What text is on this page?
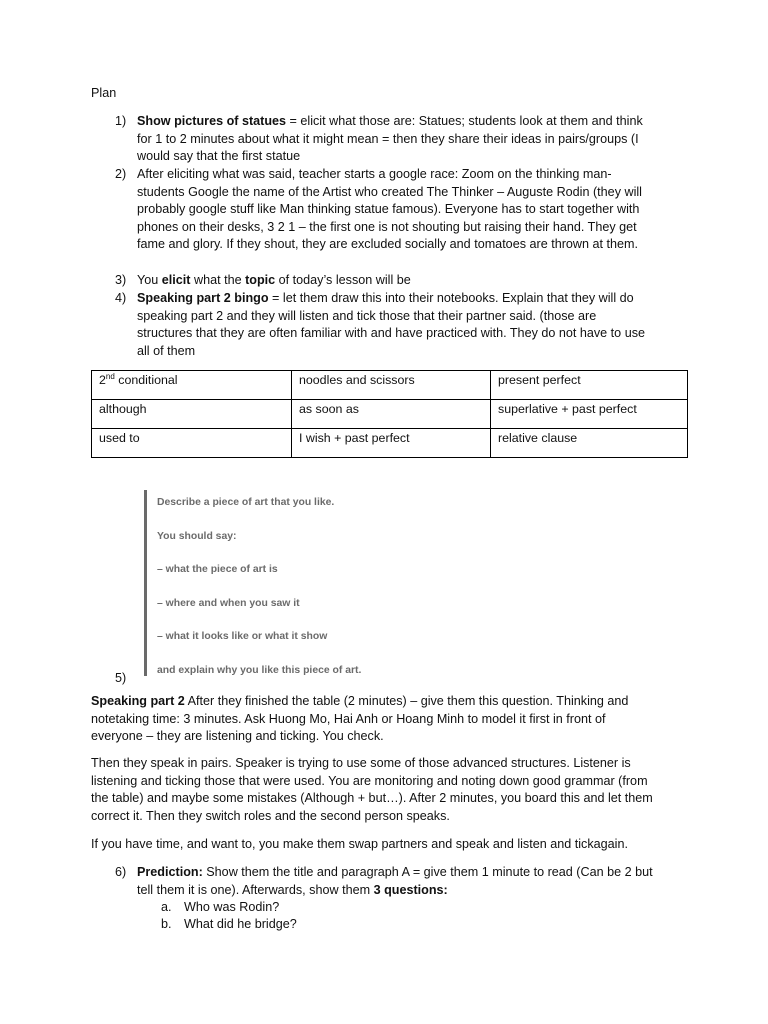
Plan
1) Show pictures of statues = elicit what those are: Statues; students look at them and think
for 1 to 2 minutes about what it might mean = then they share their ideas in pairs/groups (I
would say that the first statue
2) After eliciting what was said, teacher starts a google race: Zoom on the thinking man-
students Google the name of the Artist who created The Thinker – Auguste Rodin (they will
probably google stuff like Man thinking statue famous). Everyone has to start together with
phones on their desks, 3 2 1 – the first one is not shouting but raising their hand. They get
fame and glory. If they shout, they are excluded socially and tomatoes are thrown at them.
3) You elicit what the topic of today’s lesson will be
4) Speaking part 2 bingo = let them draw this into their notebooks. Explain that they will do
speaking part 2 and they will listen and tick those that their partner said. (those are
structures that they are often familiar with and have practiced with. They do not have to use
all of them
2nd conditional	noodles and scissors	present perfect
although	as soon as	superlative + past perfect
used to	I wish + past perfect	relative clause
Describe a piece of art that you like.
You should say:
– what the piece of art is
– where and when you saw it
– what it looks like or what it show
and explain why you like this piece of art.
5)
Speaking part 2 After they finished the table (2 minutes) – give them this question. Thinking and
notetaking time: 3 minutes. Ask Huong Mo, Hai Anh or Hoang Minh to model it first in front of
everyone – they are listening and ticking. You check.
Then they speak in pairs. Speaker is trying to use some of those advanced structures. Listener is
listening and ticking those that were used. You are monitoring and noting down good grammar (from
the table) and maybe some mistakes (Although + but…). After 2 minutes, you board this and let them
correct it. Then they switch roles and the second person speaks.
If you have time, and want to, you make them swap partners and speak and listen and tickagain.
6) Prediction: Show them the title and paragraph A = give them 1 minute to read (Can be 2 but
tell them it is one). Afterwards, show them 3 questions:
a. Who was Rodin?
b. What did he bridge?
